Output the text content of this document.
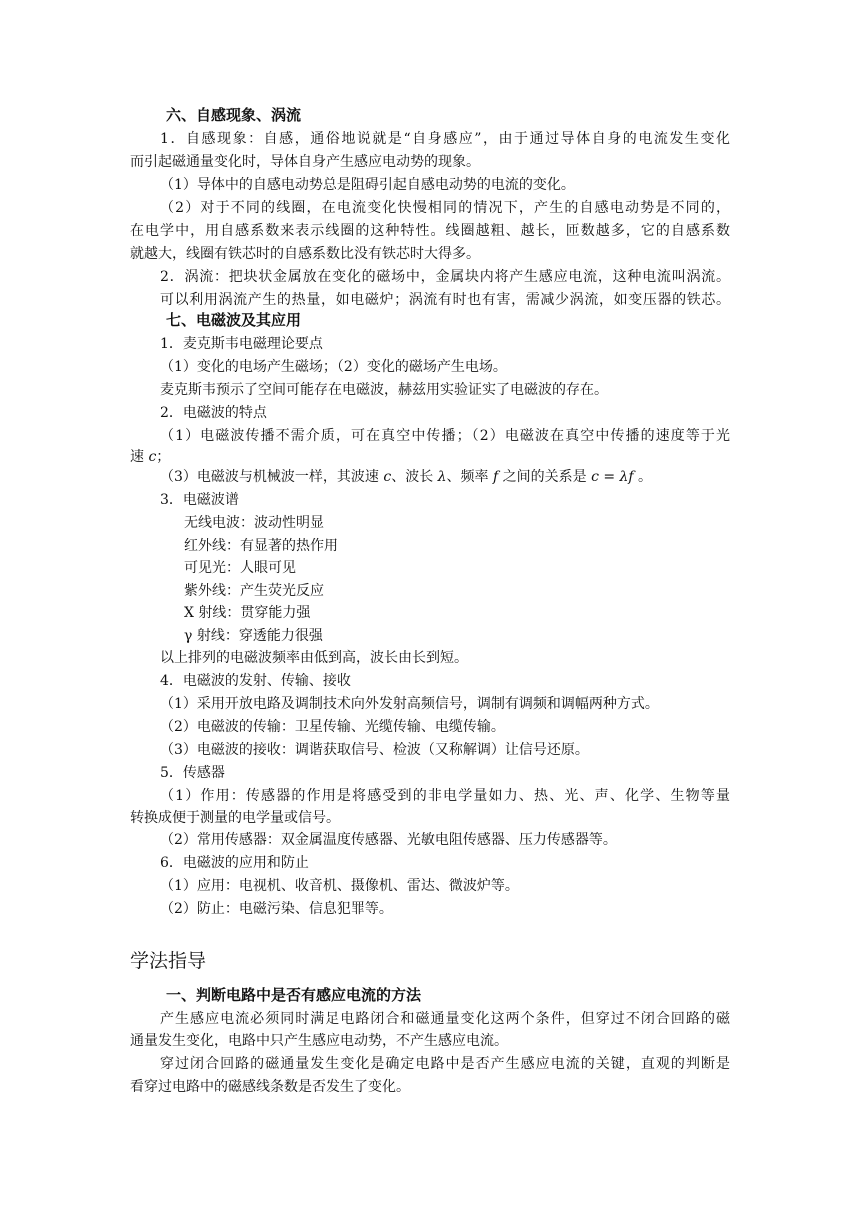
六、自感现象、涡流
1．自感现象：自感，通俗地说就是“自身感应”，由于通过导体自身的电流发生变化
而引起磁通量变化时，导体自身产生感应电动势的现象。
（1）导体中的自感电动势总是阻碍引起自感电动势的电流的变化。
（2）对于不同的线圈，在电流变化快慢相同的情况下，产生的自感电动势是不同的，
在电学中，用自感系数来表示线圈的这种特性。线圈越粗、越长，匝数越多，它的自感系数
就越大，线圈有铁芯时的自感系数比没有铁芯时大得多。
2．涡流：把块状金属放在变化的磁场中，金属块内将产生感应电流，这种电流叫涡流。
可以利用涡流产生的热量，如电磁炉；涡流有时也有害，需减少涡流，如变压器的铁芯。
七、电磁波及其应用
1．麦克斯韦电磁理论要点
（1）变化的电场产生磁场；（2）变化的磁场产生电场。
麦克斯韦预示了空间可能存在电磁波，赫兹用实验证实了电磁波的存在。
2．电磁波的特点
（1）电磁波传播不需介质，可在真空中传播；（2）电磁波在真空中传播的速度等于光
速 c；
（3）电磁波与机械波一样，其波速 c、波长 λ、频率 f 之间的关系是 c = λf 。
3．电磁波谱
无线电波：波动性明显
红外线：有显著的热作用
可见光：人眼可见
紫外线：产生荧光反应
X 射线：贯穿能力强
γ 射线：穿透能力很强
以上排列的电磁波频率由低到高，波长由长到短。
4．电磁波的发射、传输、接收
（1）采用开放电路及调制技术向外发射高频信号，调制有调频和调幅两种方式。
（2）电磁波的传输：卫星传输、光缆传输、电缆传输。
（3）电磁波的接收：调谐获取信号、检波（又称解调）让信号还原。
5．传感器
（1）作用：传感器的作用是将感受到的非电学量如力、热、光、声、化学、生物等量
转换成便于测量的电学量或信号。
（2）常用传感器：双金属温度传感器、光敏电阻传感器、压力传感器等。
6．电磁波的应用和防止
（1）应用：电视机、收音机、摄像机、雷达、微波炉等。
（2）防止：电磁污染、信息犯罪等。
学法指导
一、判断电路中是否有感应电流的方法
产生感应电流必须同时满足电路闭合和磁通量变化这两个条件，但穿过不闭合回路的磁
通量发生变化，电路中只产生感应电动势，不产生感应电流。
穿过闭合回路的磁通量发生变化是确定电路中是否产生感应电流的关键，直观的判断是
看穿过电路中的磁感线条数是否发生了变化。
